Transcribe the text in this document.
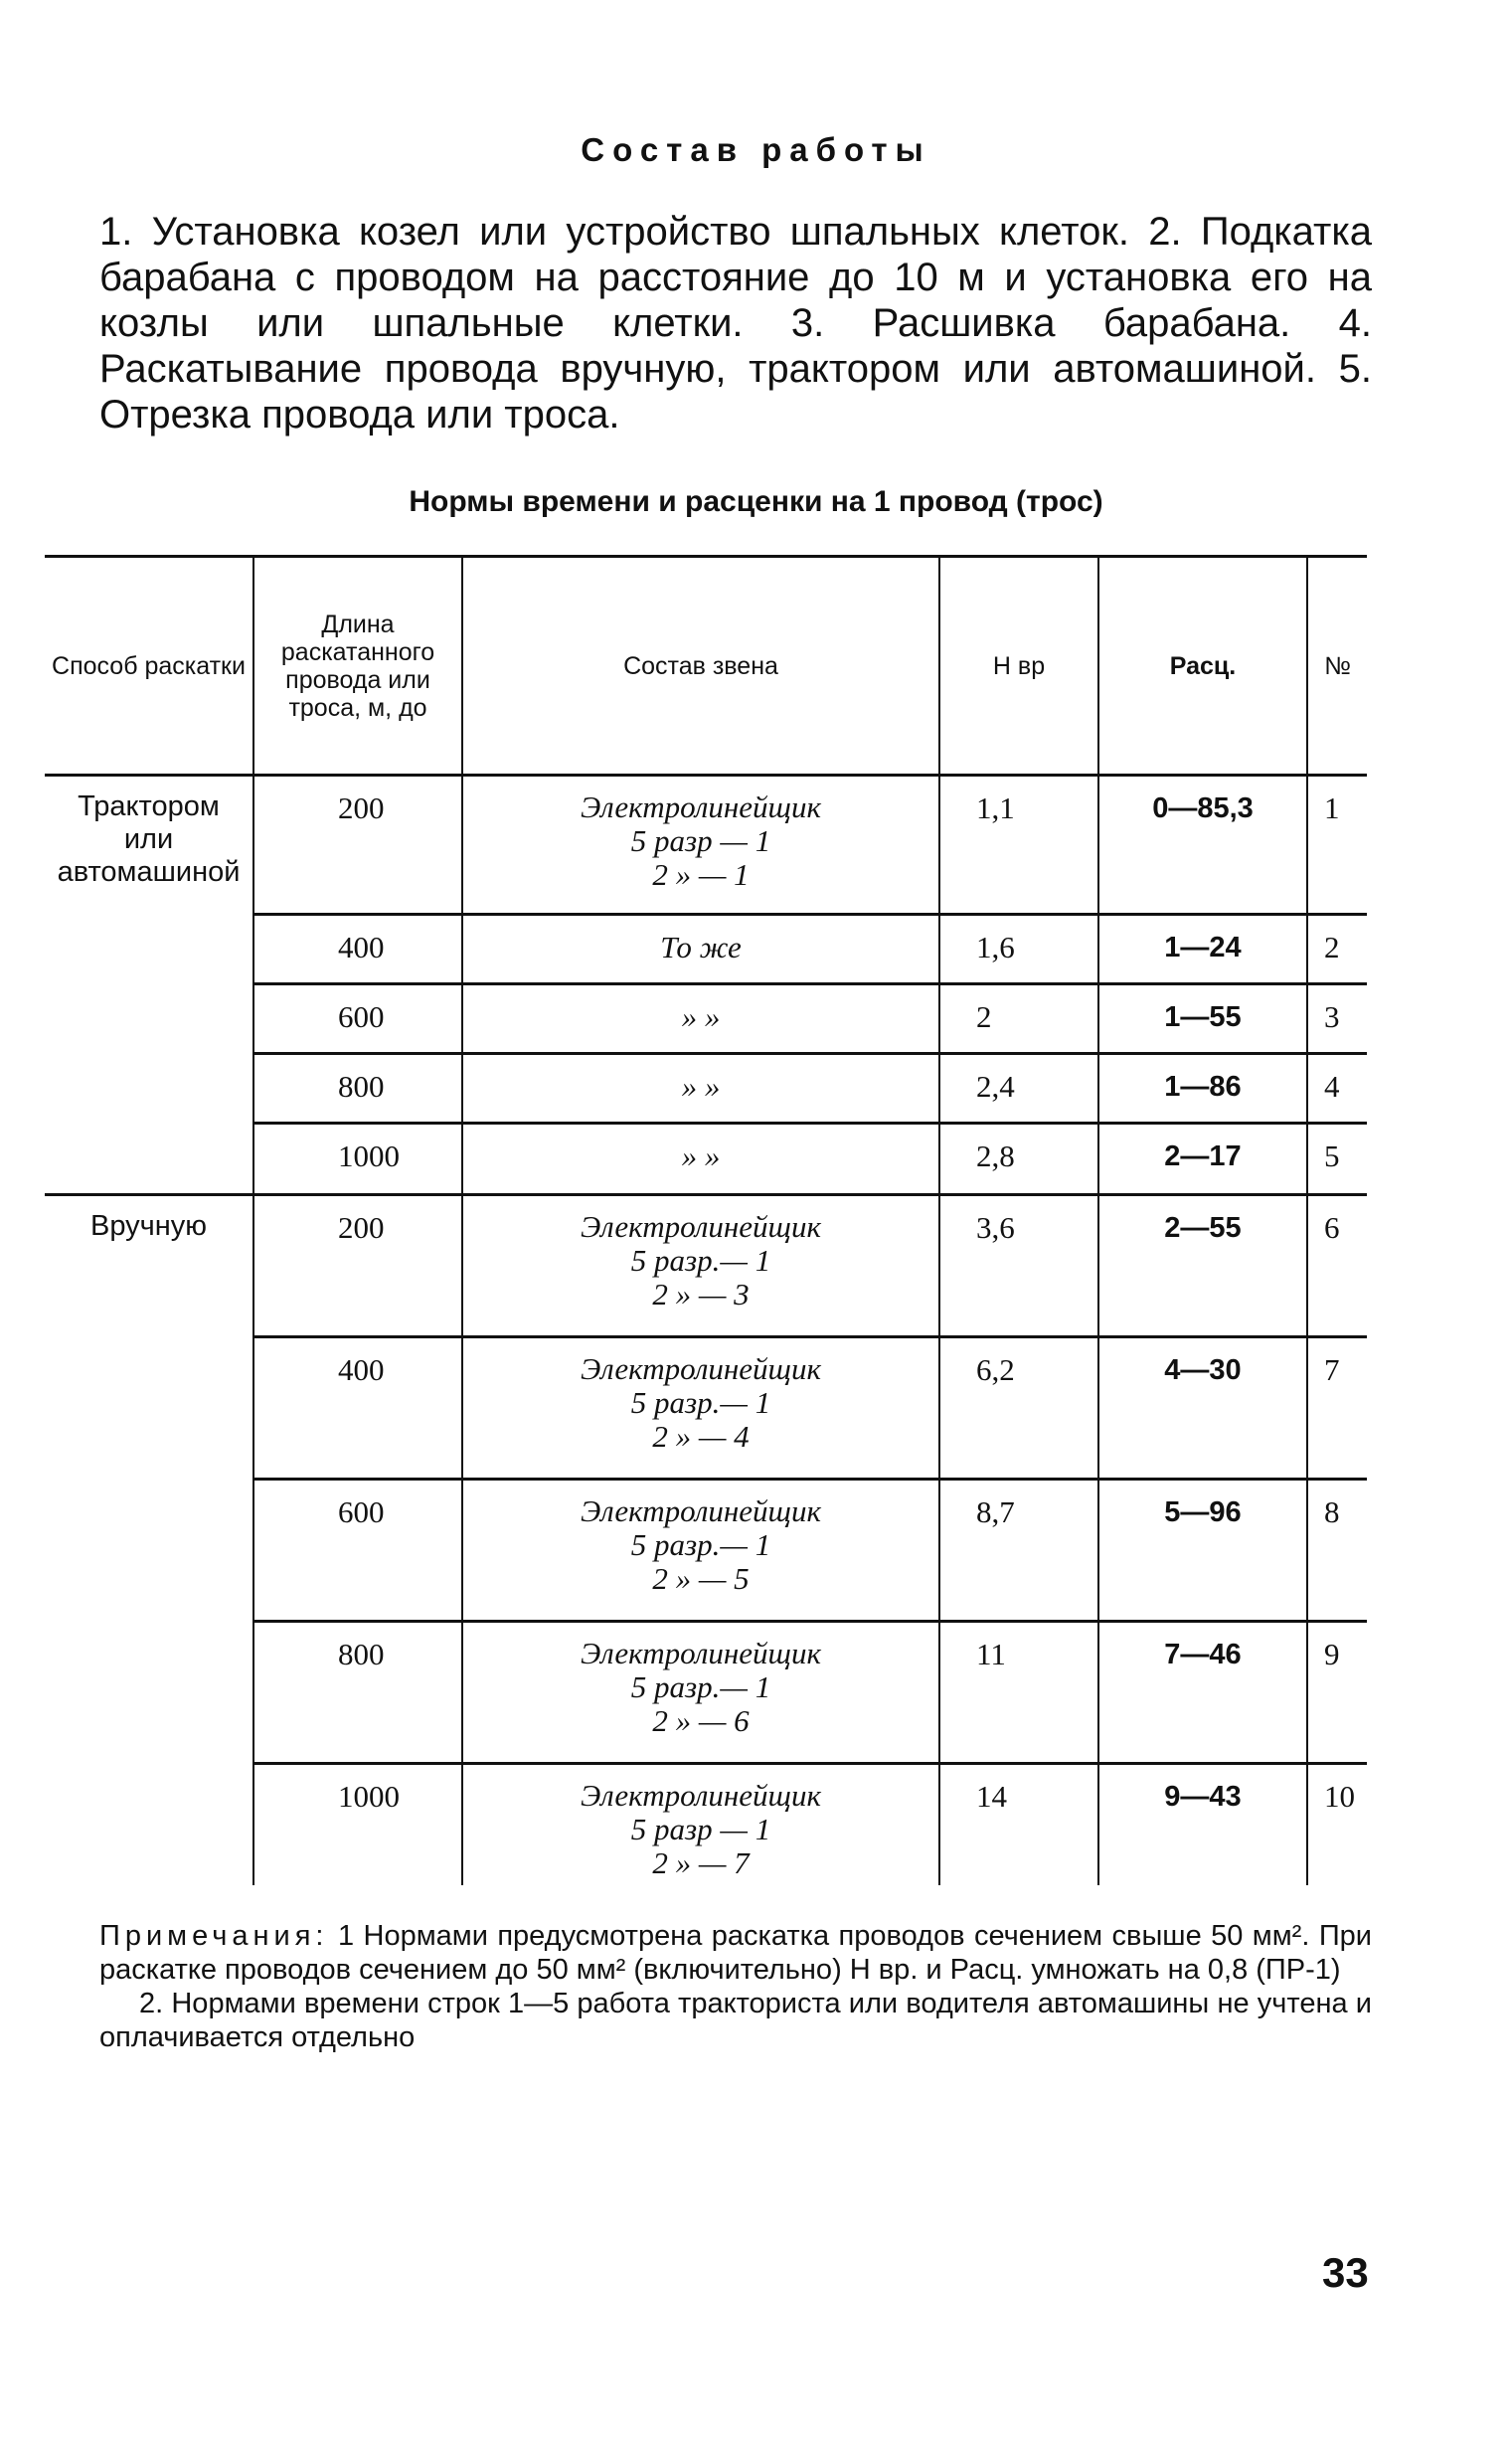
Состав работы
1. Установка козел или устройство шпальных клеток. 2. Подкатка барабана с проводом на расстояние до 10 м и установка его на козлы или шпальные клетки. 3. Расшивка барабана. 4. Раскатывание провода вручную, трактором или автомашиной. 5. Отрезка провода или троса.
Нормы времени и расценки на 1 провод (трос)
Способ раскатки	Длина раскатанного провода или троса, м, до	Состав звена	Н вр	Расц.	№
Трактором или автомашиной	200	Электролинейщик
5 разр — 1
2 » — 1	1,1	0—85,3	1
	400	То же	1,6	1—24	2
	600	» »	2	1—55	3
	800	» »	2,4	1—86	4
	1000	» »	2,8	2—17	5
Вручную	200	Электролинейщик
5 разр.— 1
2 » — 3	3,6	2—55	6
	400	Электролинейщик
5 разр.— 1
2 » — 4	6,2	4—30	7
	600	Электролинейщик
5 разр.— 1
2 » — 5	8,7	5—96	8
	800	Электролинейщик
5 разр.— 1
2 » — 6	11	7—46	9
	1000	Электролинейщик
5 разр — 1
2 » — 7	14	9—43	10

Примечания: 1 Нормами предусмотрена раскатка проводов сечением свыше 50 мм². При раскатке проводов сечением до 50 мм² (включительно) Н вр. и Расц. умножать на 0,8 (ПР-1)

2. Нормами времени строк 1—5 работа тракториста или водителя автомашины не учтена и оплачивается отдельно

33
